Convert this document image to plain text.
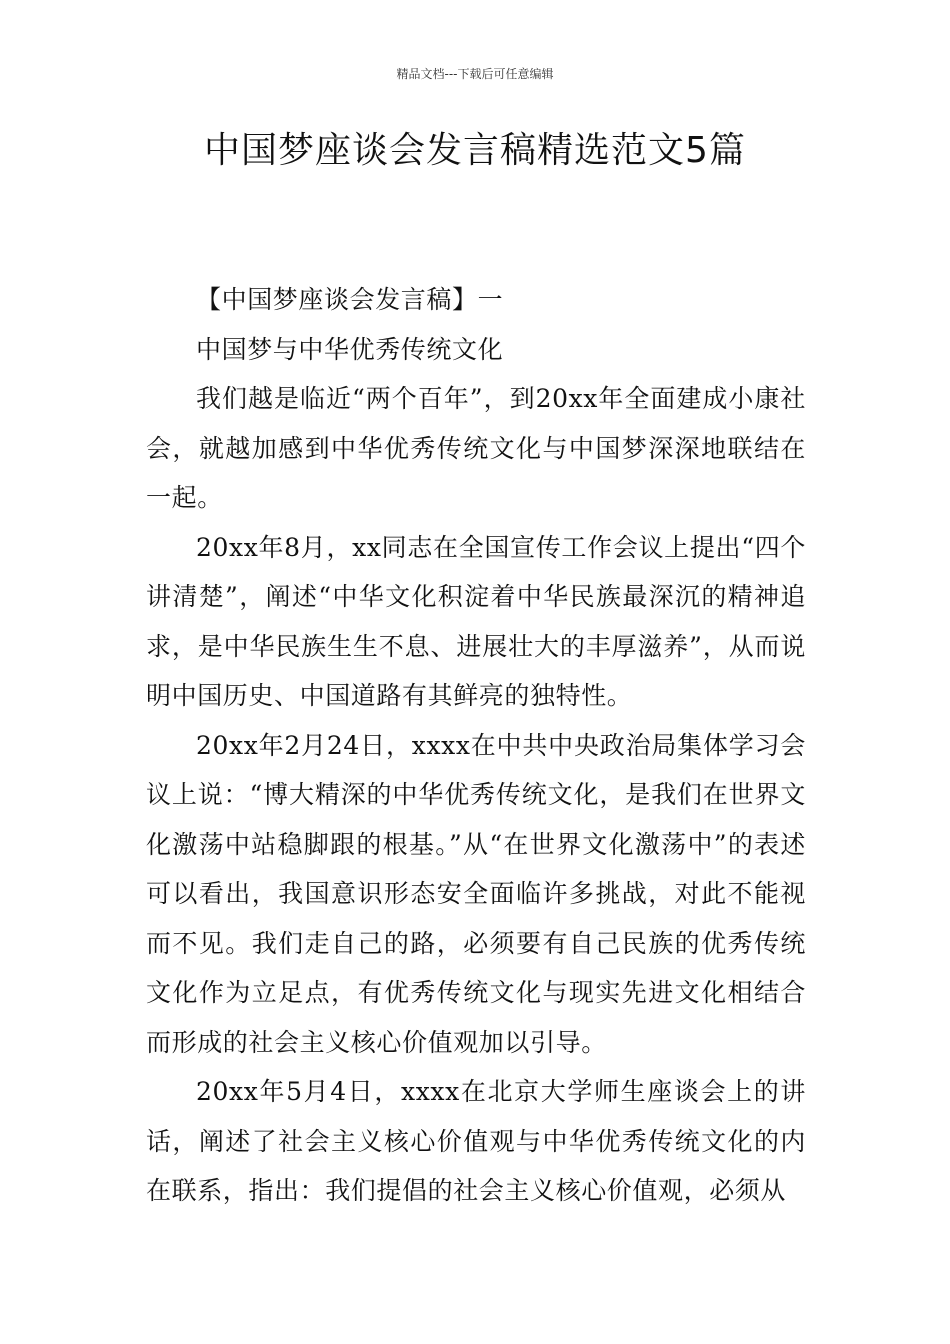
精品文档---下载后可任意编辑
中国梦座谈会发言稿精选范文5篇

【中国梦座谈会发言稿】一

中国梦与中华优秀传统文化

我们越是临近“两个百年”，到20xx年全面建成小康社会，就越加感到中华优秀传统文化与中国梦深深地联结在一起。

20xx年8月，xx同志在全国宣传工作会议上提出“四个讲清楚”，阐述“中华文化积淀着中华民族最深沉的精神追求，是中华民族生生不息、进展壮大的丰厚滋养”，从而说明中国历史、中国道路有其鲜亮的独特性。

20xx年2月24日，xxxx在中共中央政治局集体学习会议上说：“博大精深的中华优秀传统文化，是我们在世界文化激荡中站稳脚跟的根基。”从“在世界文化激荡中”的表述可以看出，我国意识形态安全面临许多挑战，对此不能视而不见。我们走自己的路，必须要有自己民族的优秀传统文化作为立足点，有优秀传统文化与现实先进文化相结合而形成的社会主义核心价值观加以引导。

20xx年5月4日，xxxx在北京大学师生座谈会上的讲话，阐述了社会主义核心价值观与中华优秀传统文化的内在联系，指出：我们提倡的社会主义核心价值观，必须从
